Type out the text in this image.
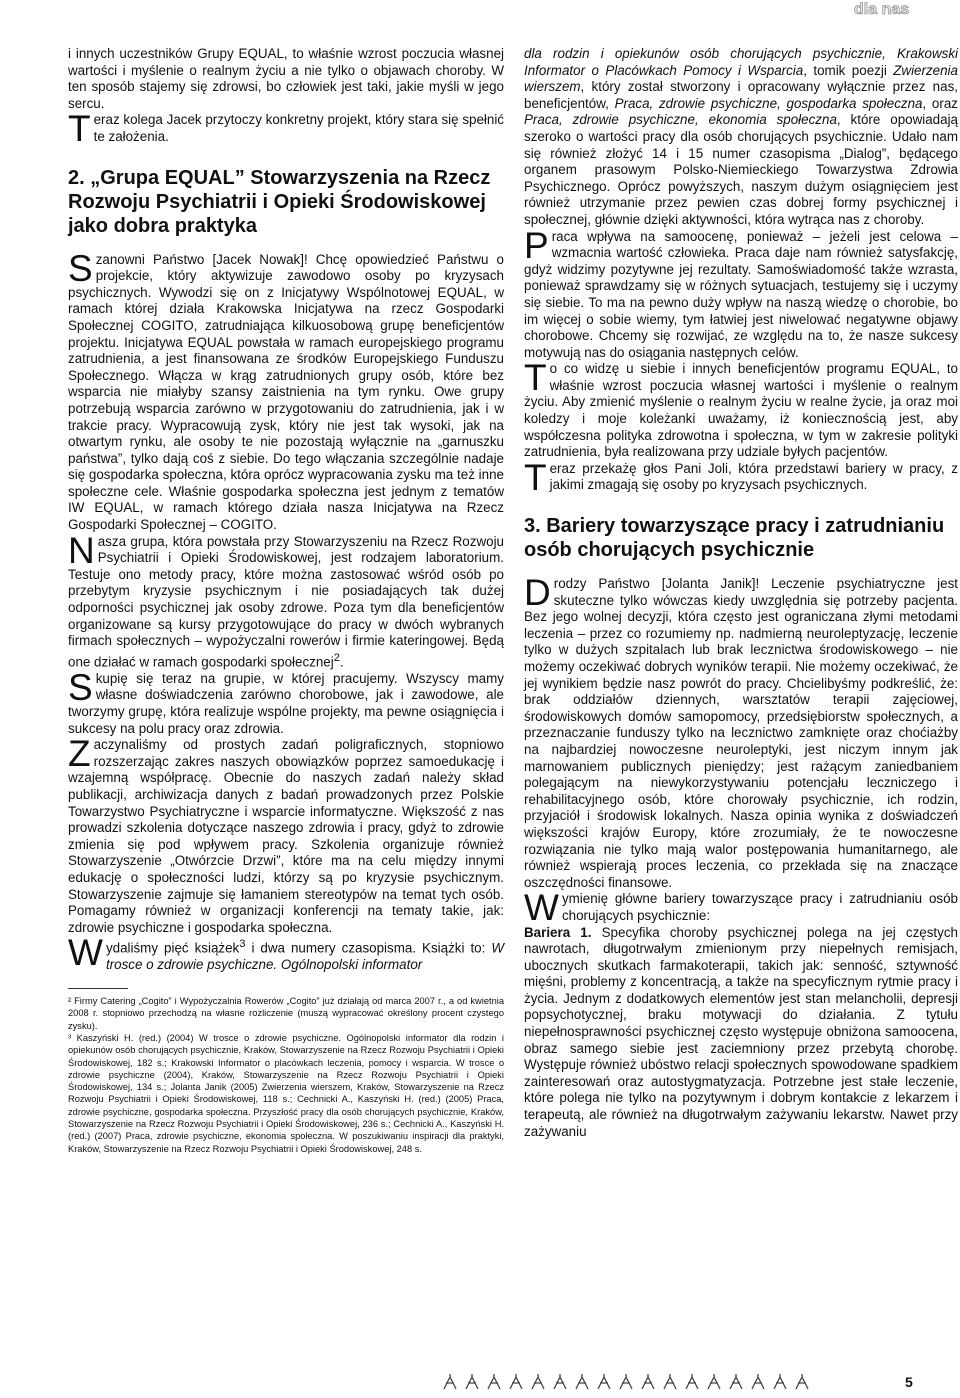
dla nas

i innych uczestników Grupy EQUAL, to właśnie wzrost poczucia własnej wartości i myślenie o realnym życiu a nie tylko o objawach choroby. W ten sposób stajemy się zdrowsi, bo człowiek jest taki, jakie myśli w jego sercu.

Teraz kolega Jacek przytoczy konkretny projekt, który stara się spełnić te założenia.

2. „Grupa EQUAL” Stowarzyszenia na Rzecz Rozwoju Psychiatrii i Opieki Środowiskowej jako dobra praktyka

Szanowni Państwo [Jacek Nowak]! Chcę opowiedzieć Państwu o projekcie, który aktywizuje zawodowo osoby po kryzysach psychicznych. Wywodzi się on z Inicjatywy Wspólnotowej EQUAL, w ramach której działa Krakowska Inicjatywa na rzecz Gospodarki Społecznej COGITO, zatrudniająca kilkuosobową grupę beneficjentów projektu. Inicjatywa EQUAL powstała w ramach europejskiego programu zatrudnienia, a jest finansowana ze środków Europejskiego Funduszu Społecznego. Włącza w krąg zatrudnionych grupy osób, które bez wsparcia nie miałyby szansy zaistnienia na tym rynku. Owe grupy potrzebują wsparcia zarówno w przygotowaniu do zatrudnienia, jak i w trakcie pracy. Wypracowują zysk, który nie jest tak wysoki, jak na otwartym rynku, ale osoby te nie pozostają wyłącznie na „garnuszku państwa”, tylko dają coś z siebie. Do tego włączania szczególnie nadaje się gospodarka społeczna, która oprócz wypracowania zysku ma też inne społeczne cele. Właśnie gospodarka społeczna jest jednym z tematów IW EQUAL, w ramach którego działa nasza Inicjatywa na Rzecz Gospodarki Społecznej – COGITO.

Nasza grupa, która powstała przy Stowarzyszeniu na Rzecz Rozwoju Psychiatrii i Opieki Środowiskowej, jest rodzajem laboratorium. Testuje ono metody pracy, które można zastosować wśród osób po przebytym kryzysie psychicznym i nie posiadających tak dużej odporności psychicznej jak osoby zdrowe. Poza tym dla beneficjentów organizowane są kursy przygotowujące do pracy w dwóch wybranych firmach społecznych – wypożyczalni rowerów i firmie kateringowej. Będą one działać w ramach gospodarki społecznej$^2$.

Skupię się teraz na grupie, w której pracujemy. Wszyscy mamy własne doświadczenia zarówno chorobowe, jak i zawodowe, ale tworzymy grupę, która realizuje wspólne projekty, ma pewne osiągnięcia i sukcesy na polu pracy oraz zdrowia.

Zaczynaliśmy od prostych zadań poligraficznych, stopniowo rozszerzając zakres naszych obowiązków poprzez samoedukację i wzajemną współpracę. Obecnie do naszych zadań należy skład publikacji, archiwizacja danych z badań prowadzonych przez Polskie Towarzystwo Psychiatryczne i wsparcie informatyczne. Większość z nas prowadzi szkolenia dotyczące naszego zdrowia i pracy, gdyż to zdrowie zmienia się pod wpływem pracy. Szkolenia organizuje również Stowarzyszenie „Otwórzcie Drzwi”, które ma na celu między innymi edukację o społeczności ludzi, którzy są po kryzysie psychicznym. Stowarzyszenie zajmuje się łamaniem stereotypów na temat tych osób. Pomagamy również w organizacji konferencji na tematy takie, jak: zdrowie psychiczne i gospodarka społeczna.

Wydaliśmy pięć książek$^3$ i dwa numery czasopisma. Książki to: W trosce o zdrowie psychiczne. Ogólnopolski informator

² Firmy Catering „Cogito” i Wypożyczalnia Rowerów „Cogito” już działają od marca 2007 r., a od kwietnia 2008 r. stopniowo przechodzą na własne rozliczenie (muszą wypracować określony procent czystego zysku).

³ Kaszyński H. (red.) (2004) W trosce o zdrowie psychiczne. Ogólnopolski informator dla rodzin i opiekunów osób chorujących psychicznie, Kraków, Stowarzyszenie na Rzecz Rozwoju Psychiatrii i Opieki Środowiskowej, 182 s.; Krakowski Informator o placówkach leczenia, pomocy i wsparcia. W trosce o zdrowie psychiczne (2004), Kraków, Stowarzyszenie na Rzecz Rozwoju Psychiatrii i Opieki Środowiskowej, 134 s.; Jolanta Janik (2005) Zwierzenia wierszem, Kraków, Stowarzyszenie na Rzecz Rozwoju Psychiatrii i Opieki Środowiskowej, 118 s.; Cechnicki A., Kaszyński H. (red.) (2005) Praca, zdrowie psychiczne, gospodarka społeczna. Przyszłość pracy dla osób chorujących psychicznie, Kraków, Stowarzyszenie na Rzecz Rozwoju Psychiatrii i Opieki Środowiskowej, 236 s.; Cechnicki A., Kaszyński H. (red.) (2007) Praca, zdrowie psychiczne, ekonomia społeczna. W poszukiwaniu inspiracji dla praktyki, Kraków, Stowarzyszenie na Rzecz Rozwoju Psychiatrii i Opieki Środowiskowej, 248 s.

dla rodzin i opiekunów osób chorujących psychicznie, Krakowski Informator o Placówkach Pomocy i Wsparcia, tomik poezji Zwierzenia wierszem, który został stworzony i opracowany wyłącznie przez nas, beneficjentów, Praca, zdrowie psychiczne, gospodarka społeczna, oraz Praca, zdrowie psychiczne, ekonomia społeczna, które opowiadają szeroko o wartości pracy dla osób chorujących psychicznie. Udało nam się również złożyć 14 i 15 numer czasopisma „Dialog”, będącego organem prasowym Polsko-Niemieckiego Towarzystwa Zdrowia Psychicznego. Oprócz powyższych, naszym dużym osiągnięciem jest również utrzymanie przez pewien czas dobrej formy psychicznej i społecznej, głównie dzięki aktywności, która wytrąca nas z choroby.

Praca wpływa na samoocenę, ponieważ – jeżeli jest celowa – wzmacnia wartość człowieka. Praca daje nam również satysfakcję, gdyż widzimy pozytywne jej rezultaty. Samoświadomość także wzrasta, ponieważ sprawdzamy się w różnych sytuacjach, testujemy się i uczymy się siebie. To ma na pewno duży wpływ na naszą wiedzę o chorobie, bo im więcej o sobie wiemy, tym łatwiej jest niwelować negatywne objawy chorobowe. Chcemy się rozwijać, ze względu na to, że nasze sukcesy motywują nas do osiągania następnych celów.

To co widzę u siebie i innych beneficjentów programu EQUAL, to właśnie wzrost poczucia własnej wartości i myślenie o realnym życiu. Aby zmienić myślenie o realnym życiu w realne życie, ja oraz moi koledzy i moje koleżanki uważamy, iż koniecznością jest, aby współczesna polityka zdrowotna i społeczna, w tym w zakresie polityki zatrudnienia, była realizowana przy udziale byłych pacjentów.

Teraz przekażę głos Pani Joli, która przedstawi bariery w pracy, z jakimi zmagają się osoby po kryzysach psychicznych.

3. Bariery towarzyszące pracy i zatrudnianiu osób chorujących psychicznie

Drodzy Państwo [Jolanta Janik]! Leczenie psychiatryczne jest skuteczne tylko wówczas kiedy uwzględnia się potrzeby pacjenta. Bez jego wolnej decyzji, która często jest ograniczana złymi metodami leczenia – przez co rozumiemy np. nadmierną neuroleptyzację, leczenie tylko w dużych szpitalach lub brak lecznictwa środowiskowego – nie możemy oczekiwać dobrych wyników terapii. Nie możemy oczekiwać, że jej wynikiem będzie nasz powrót do pracy. Chcielibyśmy podkreślić, że: brak oddziałów dziennych, warsztatów terapii zajęciowej, środowiskowych domów samopomocy, przedsiębiorstw społecznych, a przeznaczanie funduszy tylko na lecznictwo zamknięte oraz choćiażby na najbardziej nowoczesne neuroleptyki, jest niczym innym jak marnowaniem publicznych pieniędzy; jest rażącym zaniedbaniem polegającym na niewykorzystywaniu potencjału leczniczego i rehabilitacyjnego osób, które chorowały psychicznie, ich rodzin, przyjaciół i środowisk lokalnych. Nasza opinia wynika z doświadczeń większości krajów Europy, które zrozumiały, że te nowoczesne rozwiązania nie tylko mają walor postępowania humanitarnego, ale również wspierają proces leczenia, co przekłada się na znaczące oszczędności finansowe.

Wymienię główne bariery towarzyszące pracy i zatrudnianiu osób chorujących psychicznie:

Bariera 1. Specyfika choroby psychicznej polega na jej częstych nawrotach, długotrwałym zmienionym przy niepełnych remisjach, ubocznych skutkach farmakoterapii, takich jak: senność, sztywność mięśni, problemy z koncentracją, a także na specyficznym rytmie pracy i życia. Jednym z dodatkowych elementów jest stan melancholii, depresji popsychotycznej, braku motywacji do działania. Z tytułu niepełnosprawności psychicznej często występuje obniżona samoocena, obraz samego siebie jest zaciemniony przez przebytą chorobę. Występuje również ubóstwo relacji społecznych spowodowane spadkiem zainteresowań oraz autostygmatyzacja. Potrzebne jest stałe leczenie, które polega nie tylko na pozytywnym i dobrym kontakcie z lekarzem i terapeutą, ale również na długotrwałym zażywaniu lekarstw. Nawet przy zażywaniu

5
